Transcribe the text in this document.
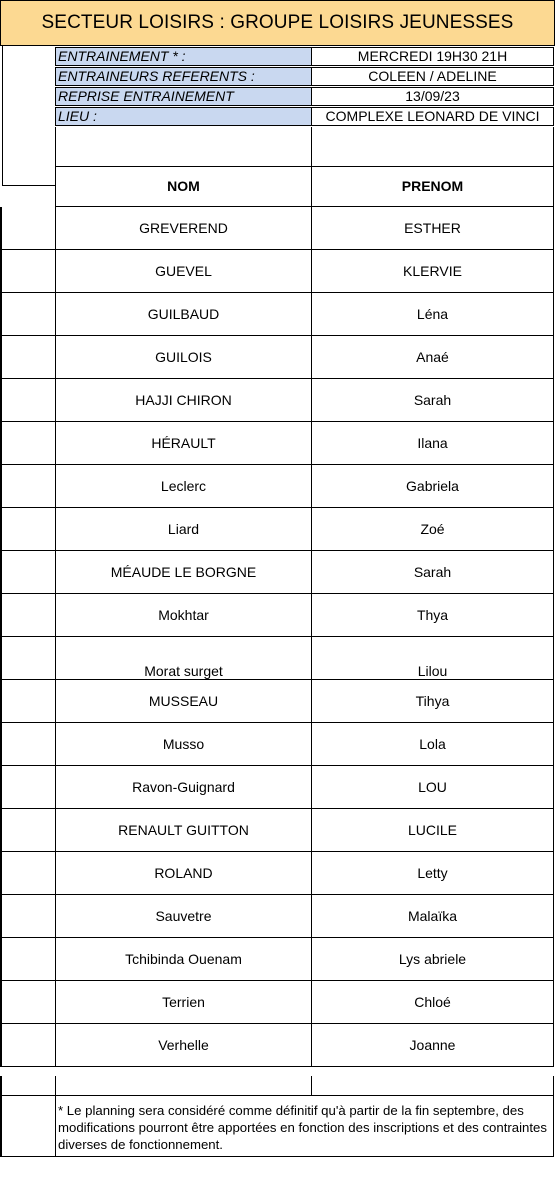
SECTEUR LOISIRS : GROUPE LOISIRS JEUNESSES
ENTRAINEMENT * :	MERCREDI 19H30 21H
ENTRAINEURS REFERENTS :	COLEEN / ADELINE
REPRISE ENTRAINEMENT	13/09/23
LIEU :	COMPLEXE LEONARD DE VINCI
NOM	PRENOM
GREVEREND	ESTHER
GUEVEL	KLERVIE
GUILBAUD	Léna
GUILOIS	Anaé
HAJJI CHIRON	Sarah
HÉRAULT	Ilana
Leclerc	Gabriela
Liard	Zoé
MÉAUDE LE BORGNE	Sarah
Mokhtar	Thya
Morat surget	Lilou
MUSSEAU	Tihya
Musso	Lola
Ravon-Guignard	LOU
RENAULT GUITTON	LUCILE
ROLAND	Letty
Sauvetre	Malaïka
Tchibinda Ouenam	Lys abriele
Terrien	Chloé
Verhelle	Joanne
* Le planning sera considéré comme définitif qu'à partir de la fin septembre, des modifications pourront être apportées en fonction des inscriptions et des contraintes diverses de fonctionnement.
